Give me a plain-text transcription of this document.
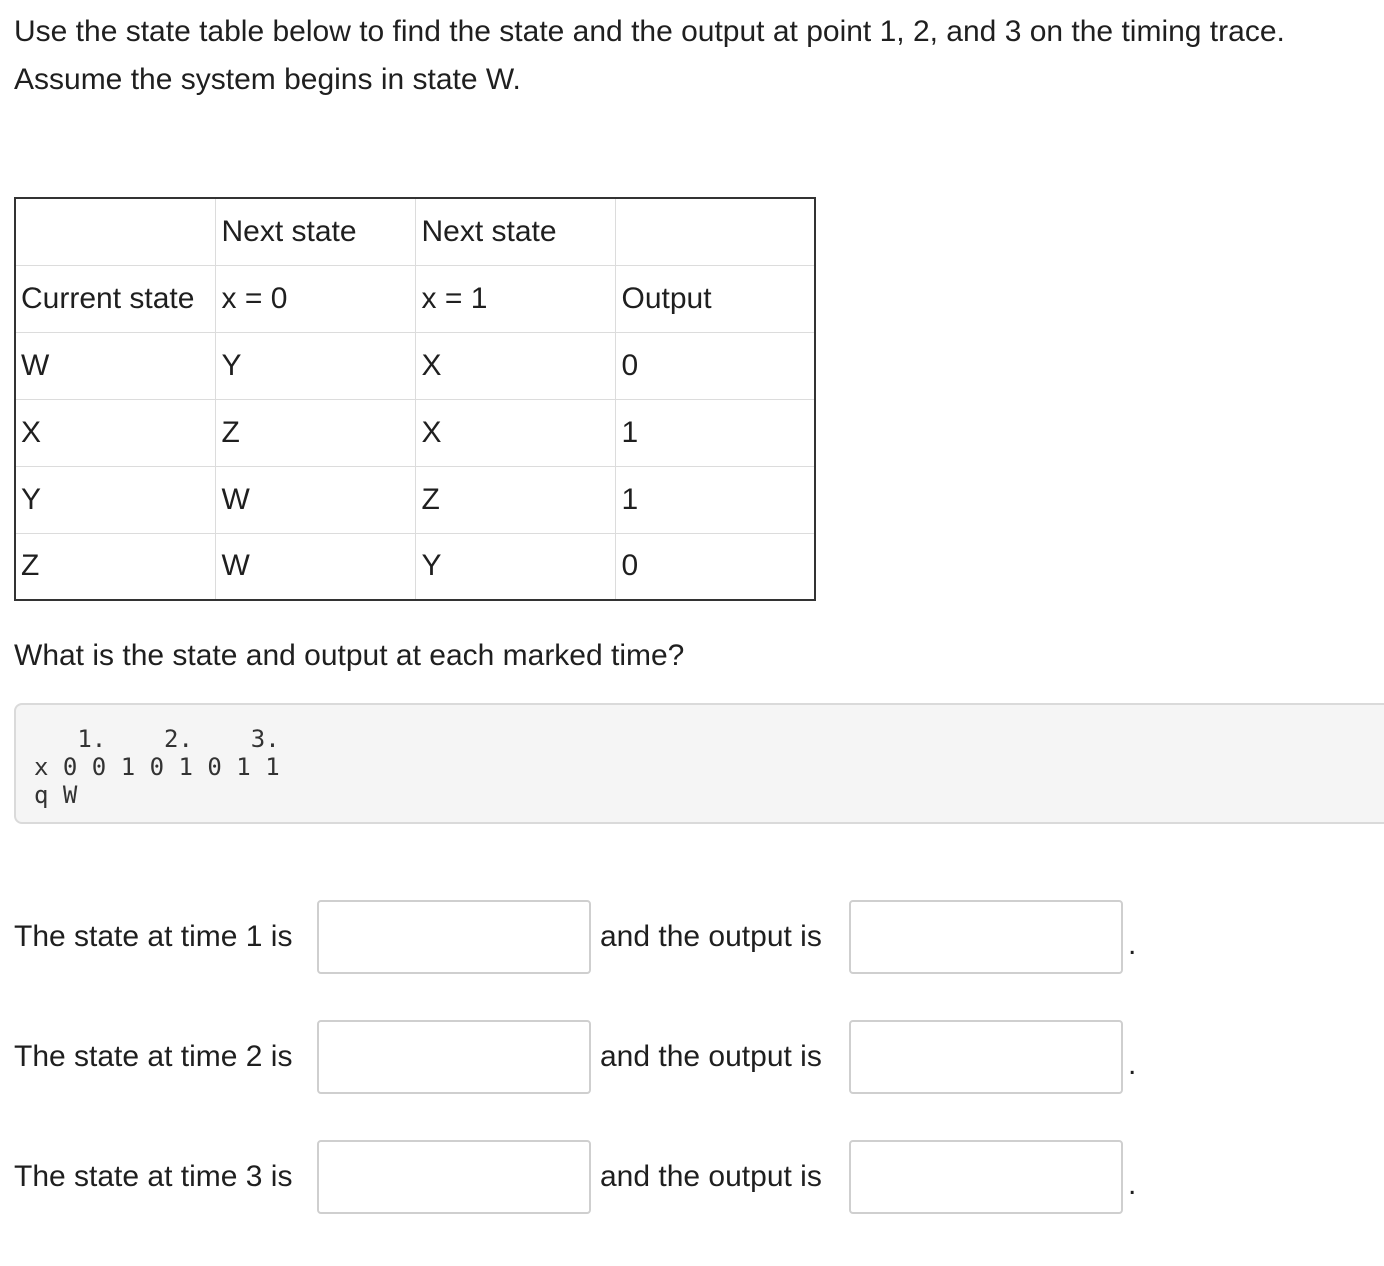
Use the state table below to find the state and the output at point 1, 2, and 3 on the timing trace.
Assume the system begins in state W.

	Next state	Next state	
Current state	x = 0	x = 1	Output
W	Y	X	0
X	Z	X	1
Y	W	Z	1
Z	W	Y	0

What is the state and output at each marked time?

1.    2.    3.
x 0 0 1 0 1 0 1 1
q W
The state at time 1 is	and the output is	.
The state at time 2 is	and the output is	.
The state at time 3 is	and the output is	.
